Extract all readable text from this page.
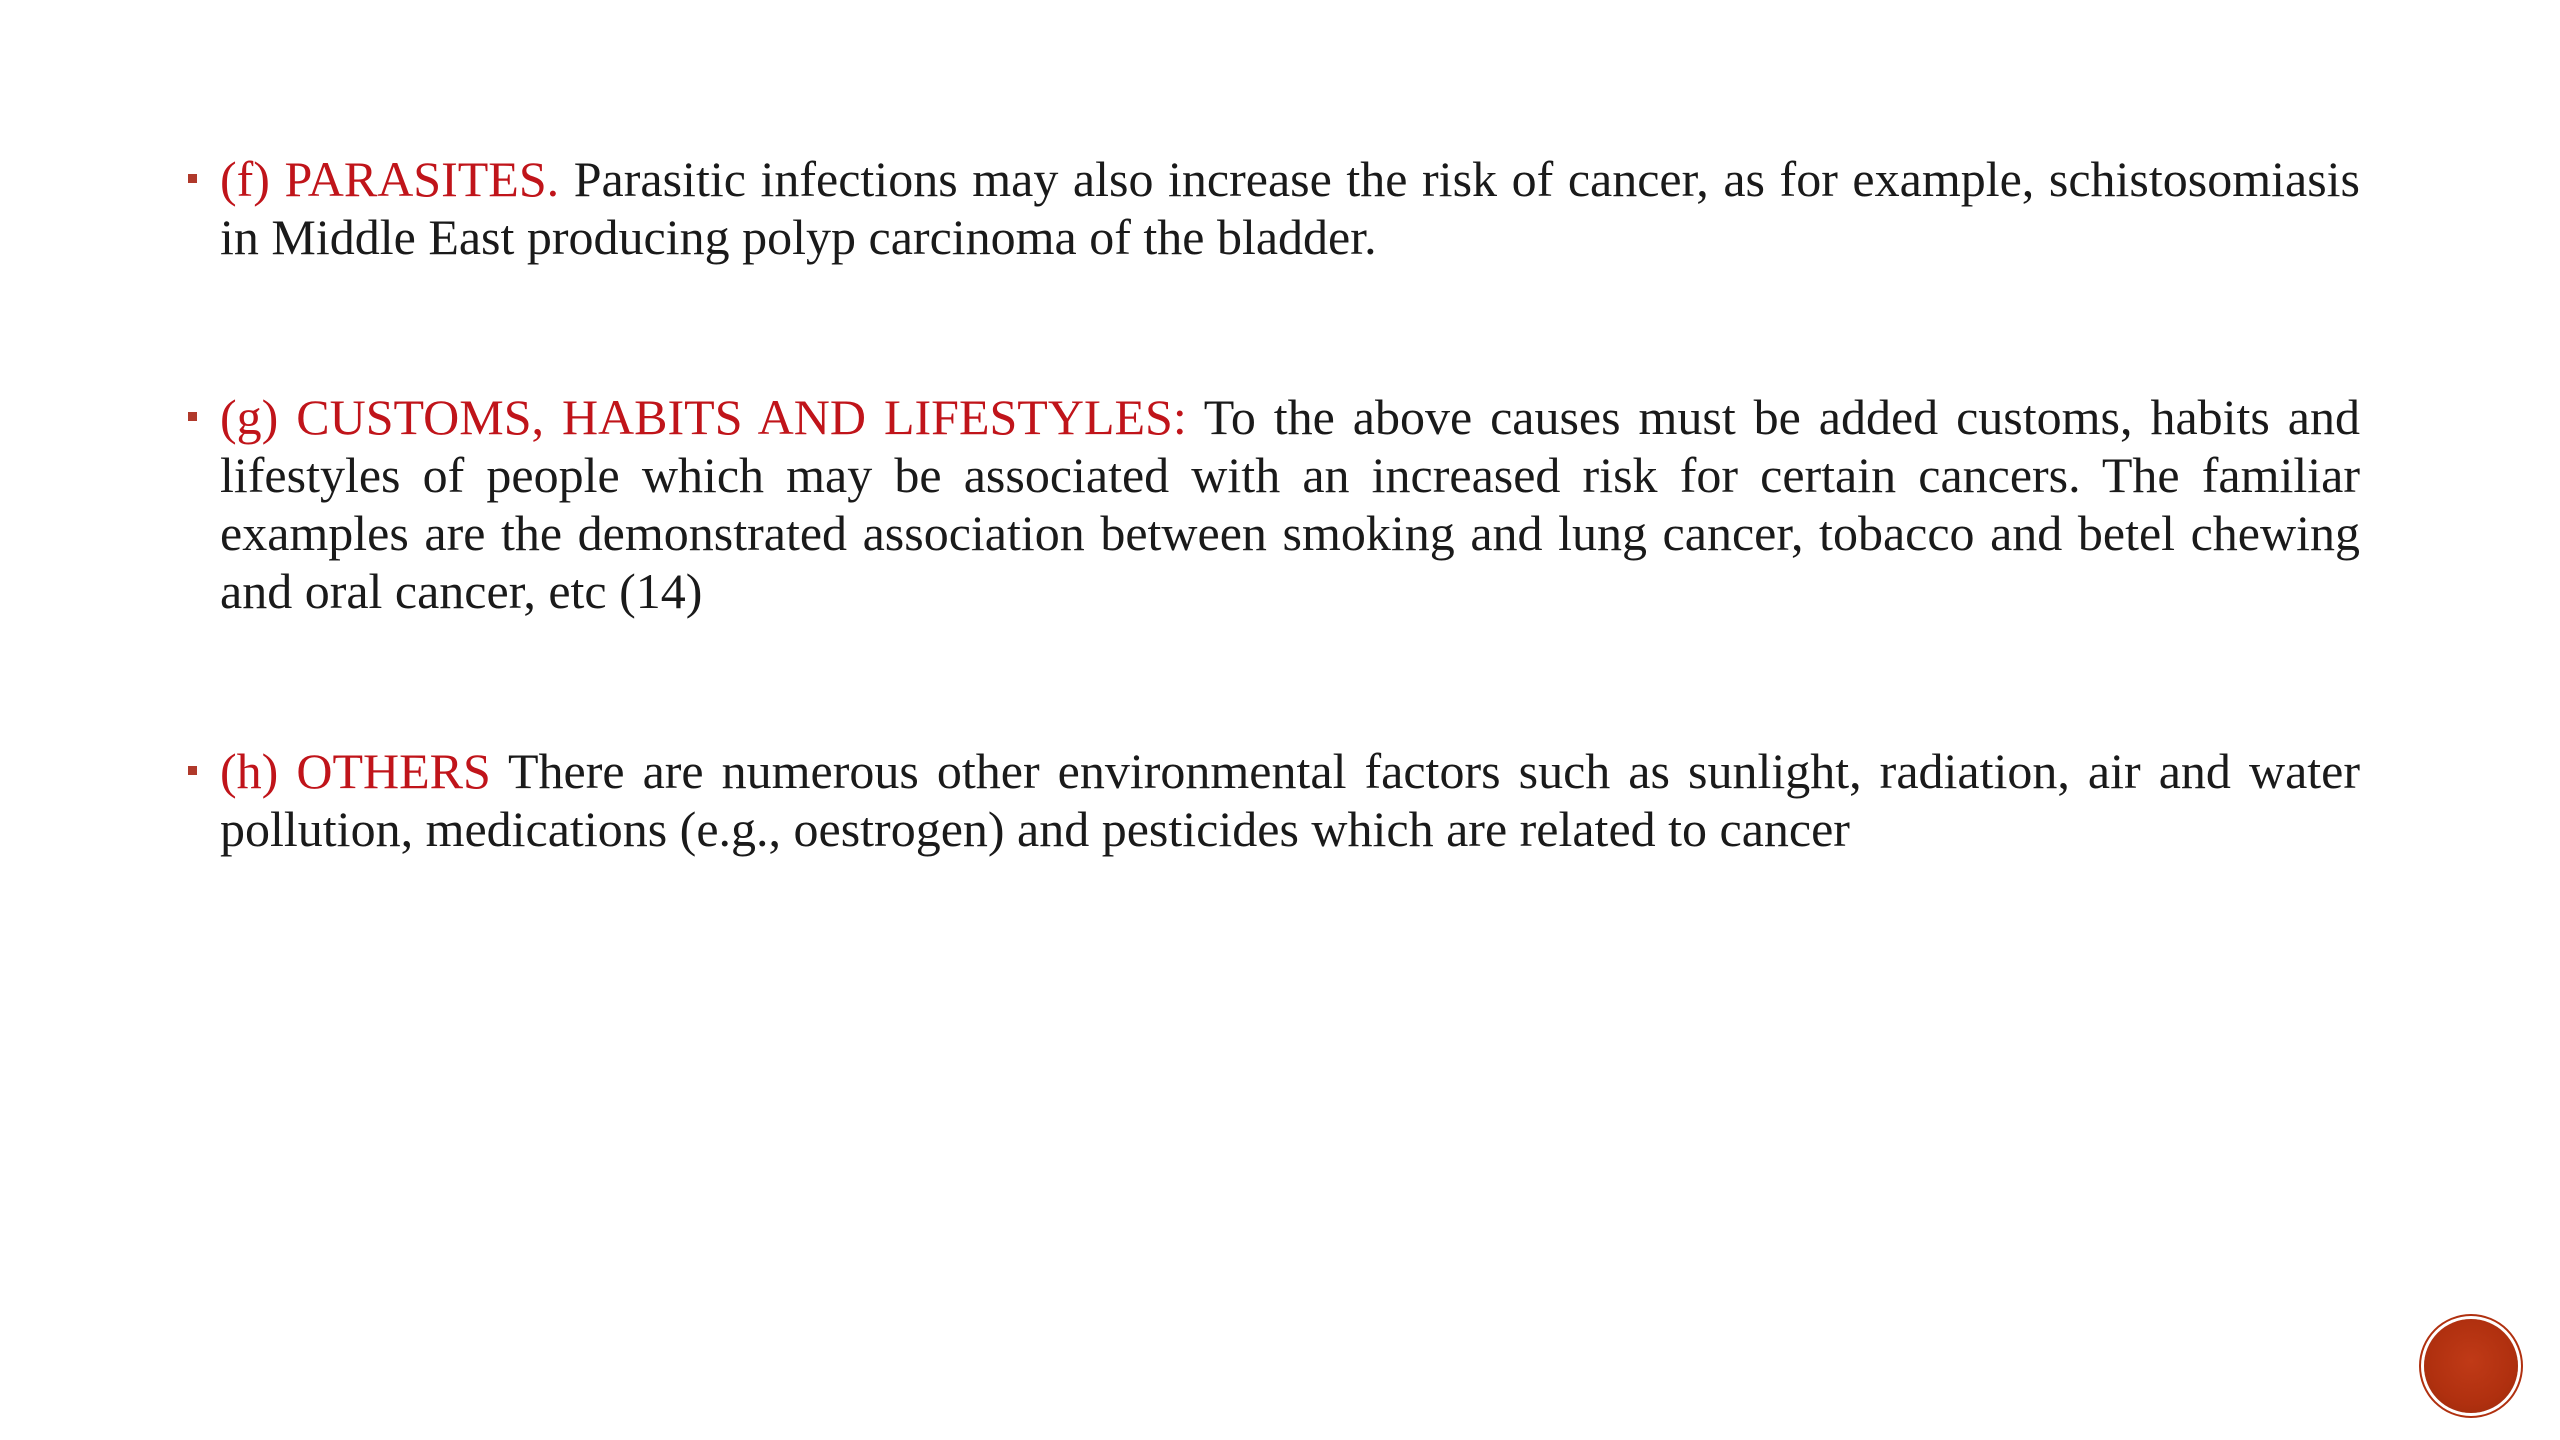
(f) PARASITES. Parasitic infections may also increase the risk of cancer, as for example, schistosomiasis in Middle East producing polyp carcinoma of the bladder.
(g) CUSTOMS, HABITS AND LIFESTYLES: To the above causes must be added customs, habits and lifestyles of people which may be associated with an increased risk for certain cancers. The familiar examples are the demonstrated association between smoking and lung cancer, tobacco and betel chewing and oral cancer, etc (14)
(h) OTHERS There are numerous other environmental factors such as sunlight, radiation, air and water pollution, medications (e.g., oestrogen) and pesticides which are related to cancer
